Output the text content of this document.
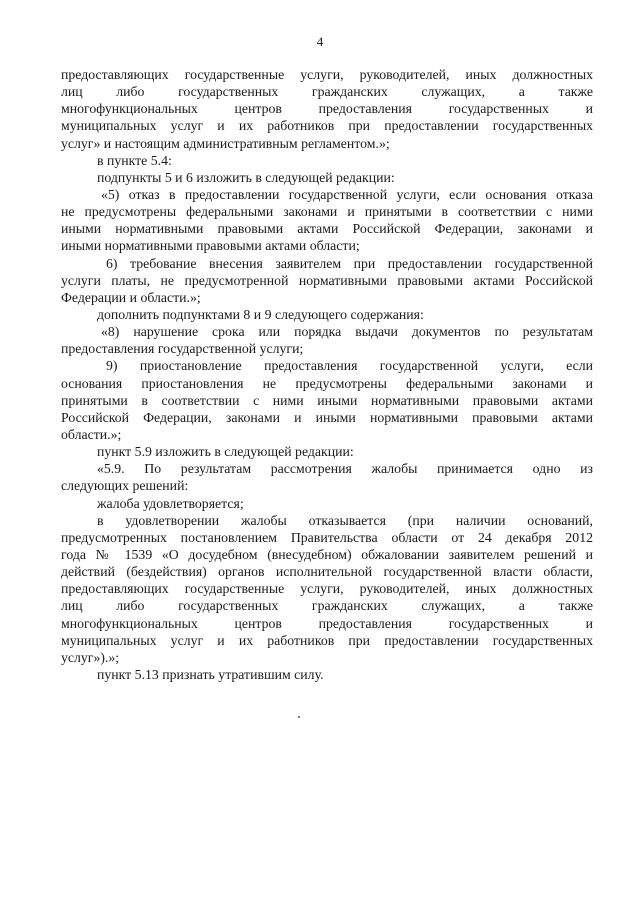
4
предоставляющих государственные услуги, руководителей, иных должностных
лиц либо государственных гражданских служащих, а также
многофункциональных центров предоставления государственных и
муниципальных услуг и их работников при предоставлении государственных
услуг» и настоящим административным регламентом.»;
в пункте 5.4:
подпункты 5 и 6 изложить в следующей редакции:
«5) отказ в предоставлении государственной услуги, если основания отказа
не предусмотрены федеральными законами и принятыми в соответствии с ними
иными нормативными правовыми актами Российской Федерации, законами и
иными нормативными правовыми актами области;
6) требование внесения заявителем при предоставлении государственной
услуги платы, не предусмотренной нормативными правовыми актами Российской
Федерации и области.»;
дополнить подпунктами 8 и 9 следующего содержания:
«8) нарушение срока или порядка выдачи документов по результатам
предоставления государственной услуги;
9) приостановление предоставления государственной услуги, если
основания приостановления не предусмотрены федеральными законами и
принятыми в соответствии с ними иными нормативными правовыми актами
Российской Федерации, законами и иными нормативными правовыми актами
области.»;
пункт 5.9 изложить в следующей редакции:
«5.9. По результатам рассмотрения жалобы принимается одно из
следующих решений:
жалоба удовлетворяется;
в удовлетворении жалобы отказывается (при наличии оснований,
предусмотренных постановлением Правительства области от 24 декабря 2012
года № 1539 «О досудебном (внесудебном) обжаловании заявителем решений и
действий (бездействия) органов исполнительной государственной власти области,
предоставляющих государственные услуги, руководителей, иных должностных
лиц либо государственных гражданских служащих, а также
многофункциональных центров предоставления государственных и
муниципальных услуг и их работников при предоставлении государственных
услуг»).»;
пункт 5.13 признать утратившим силу.
